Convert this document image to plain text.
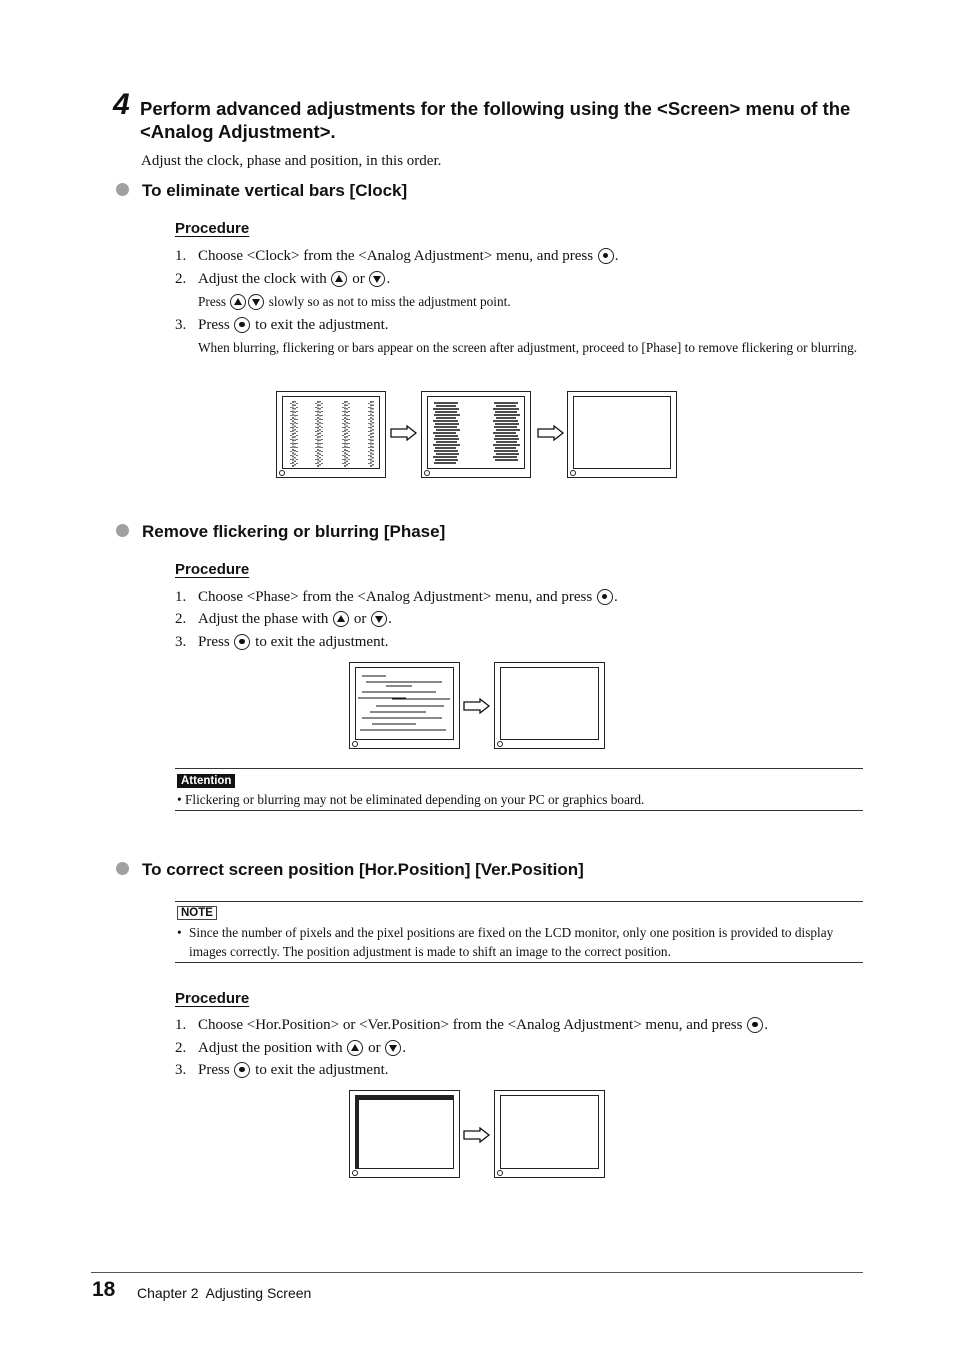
4 Perform advanced adjustments for the following using the <Screen> menu of the <Analog Adjustment>.
Adjust the clock, phase and position, in this order.
To eliminate vertical bars [Clock]
Procedure
1. Choose <Clock> from the <Analog Adjustment> menu, and press .
2. Adjust the clock with or .
Press	slowly so as not to miss the adjustment point.
3. Press to exit the adjustment.
When blurring, flickering or bars appear on the screen after adjustment, proceed to [Phase] to remove flickering or blurring.
Remove flickering or blurring [Phase]
Procedure
1. Choose <Phase> from the <Analog Adjustment> menu, and press .
2. Adjust the phase with or .
3. Press to exit the adjustment.
Attention
• Flickering or blurring may not be eliminated depending on your PC or graphics board.
To correct screen position [Hor.Position] [Ver.Position]
NOTE
• Since the number of pixels and the pixel positions are fixed on the LCD monitor, only one position is provided to display images correctly. The position adjustment is made to shift an image to the correct position.
Procedure
1. Choose <Hor.Position> or <Ver.Position> from the <Analog Adjustment> menu, and press .
2. Adjust the position with or .
3. Press to exit the adjustment.
18 Chapter 2  Adjusting Screen
